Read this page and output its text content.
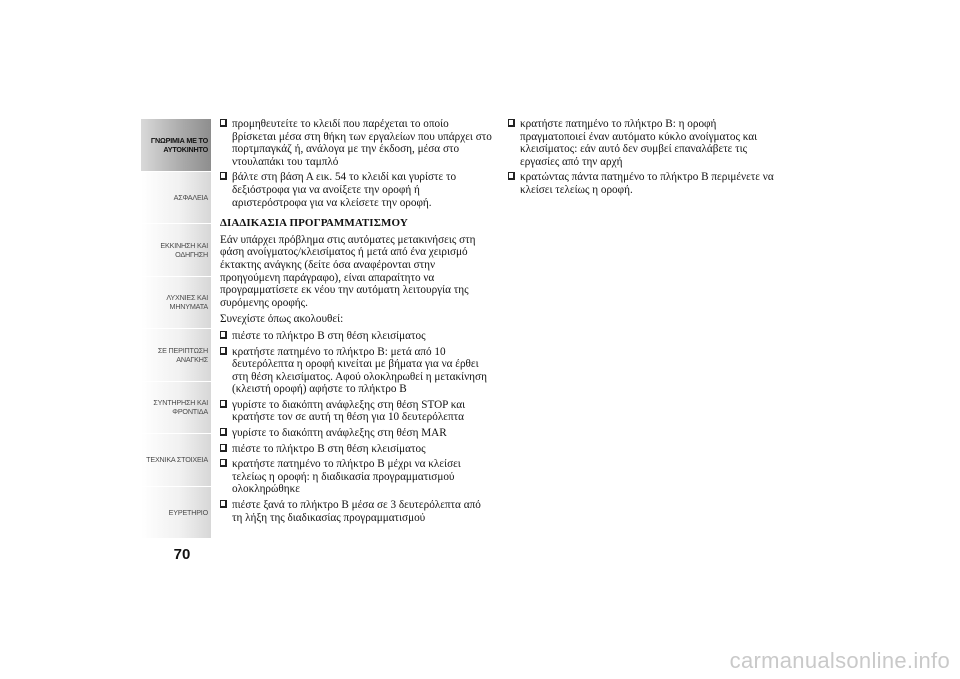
ΓΝΩΡΙΜΙΑ ΜΕ ΤΟ
ΑΥΤΟΚΙΝΗΤΟ
ΑΣΦΑΛΕΙΑ
ΕΚΚΙΝΗΣΗ ΚΑΙ
ΟΔΗΓΗΣΗ
ΛΥΧΝΙΕΣ ΚΑΙ
ΜΗΝΥΜΑΤΑ
ΣΕ ΠΕΡΙΠΤΩΣΗ
ΑΝΑΓΚΗΣ
ΣΥΝΤΗΡΗΣΗ ΚΑΙ
ΦΡΟΝΤΙΔΑ
ΤΕΧΝΙΚΑ ΣΤΟΙΧΕΙΑ
ΕΥΡΕΤΗΡΙΟ
70
προμηθευτείτε το κλειδί που παρέχεται το οποίο βρίσκεται μέσα στη θήκη των εργαλείων που υπάρχει στο πορτμπαγκάζ ή, ανάλογα με την έκδοση, μέσα στο ντουλαπάκι του ταμπλό
βάλτε στη βάση Α εικ. 54 το κλειδί και γυρίστε το δεξιόστροφα για να ανοίξετε την οροφή ή αριστερόστροφα για να κλείσετε την οροφή.
ΔΙΑΔΙΚΑΣΙΑ ΠΡΟΓΡΑΜΜΑΤΙΣΜΟΥ

Εάν υπάρχει πρόβλημα στις αυτόματες μετακινήσεις στη φάση ανοίγματος/κλεισίματος ή μετά από ένα χειρισμό έκτακτης ανάγκης (δείτε όσα αναφέρονται στην προηγούμενη παράγραφο), είναι απαραίτητο να προγραμματίσετε εκ νέου την αυτόματη λειτουργία της συρόμενης οροφής.

Συνεχίστε όπως ακολουθεί:

πιέστε το πλήκτρο B στη θέση κλεισίματος
κρατήστε πατημένο το πλήκτρο B: μετά από 10 δευτερόλεπτα η οροφή κινείται με βήματα για να έρθει στη θέση κλεισίματος. Αφού ολοκληρωθεί η μετακίνηση (κλειστή οροφή) αφήστε το πλήκτρο B
γυρίστε το διακόπτη ανάφλεξης στη θέση STOP και κρατήστε τον σε αυτή τη θέση για 10 δευτερόλεπτα
γυρίστε το διακόπτη ανάφλεξης στη θέση MAR
πιέστε το πλήκτρο B στη θέση κλεισίματος
κρατήστε πατημένο το πλήκτρο B μέχρι να κλείσει τελείως η οροφή: η διαδικασία προγραμματισμού ολοκληρώθηκε
πιέστε ξανά το πλήκτρο B μέσα σε 3 δευτερόλεπτα από τη λήξη της διαδικασίας προγραμματισμού
κρατήστε πατημένο το πλήκτρο B: η οροφή πραγματοποιεί έναν αυτόματο κύκλο ανοίγματος και κλεισίματος: εάν αυτό δεν συμβεί επαναλάβετε τις εργασίες από την αρχή
κρατώντας πάντα πατημένο το πλήκτρο B περιμένετε να κλείσει τελείως η οροφή.
carmanualsonline.info
